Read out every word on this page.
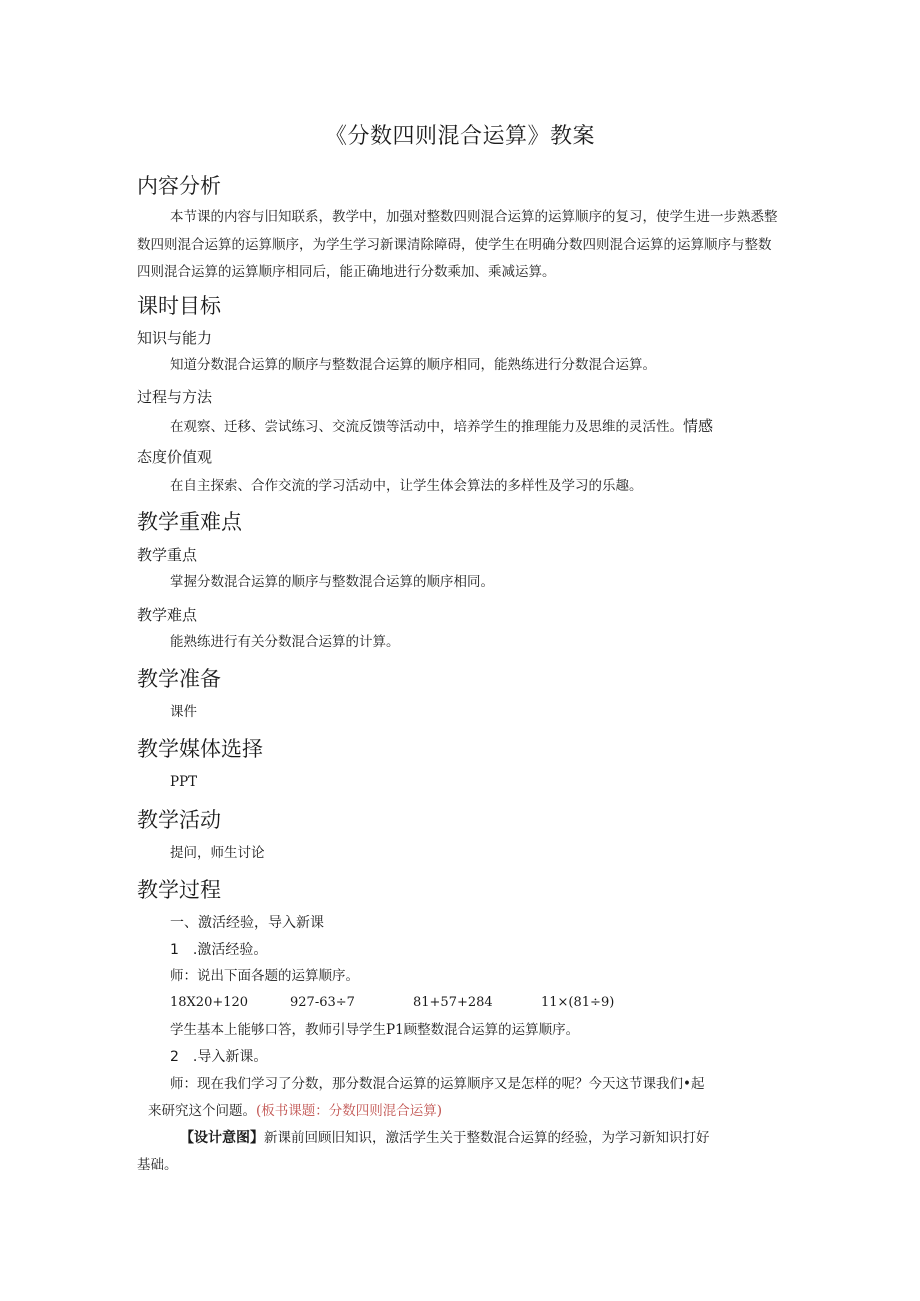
《分数四则混合运算》教案
内容分析

本节课的内容与旧知联系，教学中，加强对整数四则混合运算的运算顺序的复习，使学生进一步熟悉整数四则混合运算的运算顺序，为学生学习新课清除障碍，使学生在明确分数四则混合运算的运算顺序与整数四则混合运算的运算顺序相同后，能正确地进行分数乘加、乘减运算。

课时目标
知识与能力
知道分数混合运算的顺序与整数混合运算的顺序相同，能熟练进行分数混合运算。
过程与方法
在观察、迁移、尝试练习、交流反馈等活动中，培养学生的推理能力及思维的灵活性。情感
态度价值观
在自主探索、合作交流的学习活动中，让学生体会算法的多样性及学习的乐趣。
教学重难点
教学重点
掌握分数混合运算的顺序与整数混合运算的顺序相同。
教学难点
能熟练进行有关分数混合运算的计算。
教学准备
课件
教学媒体选择
PPT
教学活动
提问，师生讨论
教学过程
一、激活经验，导入新课
1 .激活经验。
师：说出下面各题的运算顺序。
18X20+120	927-63÷7	81+57+284	11×(81÷9)
学生基本上能够口答，教师引导学生P1顾整数混合运算的运算顺序。
2 .导入新课。
师：现在我们学习了分数，那分数混合运算的运算顺序又是怎样的呢？今天这节课我们•起
来研究这个问题。(板书课题：分数四则混合运算)
【设计意图】新课前回顾旧知识，激活学生关于整数混合运算的经验，为学习新知识打好
基础。
